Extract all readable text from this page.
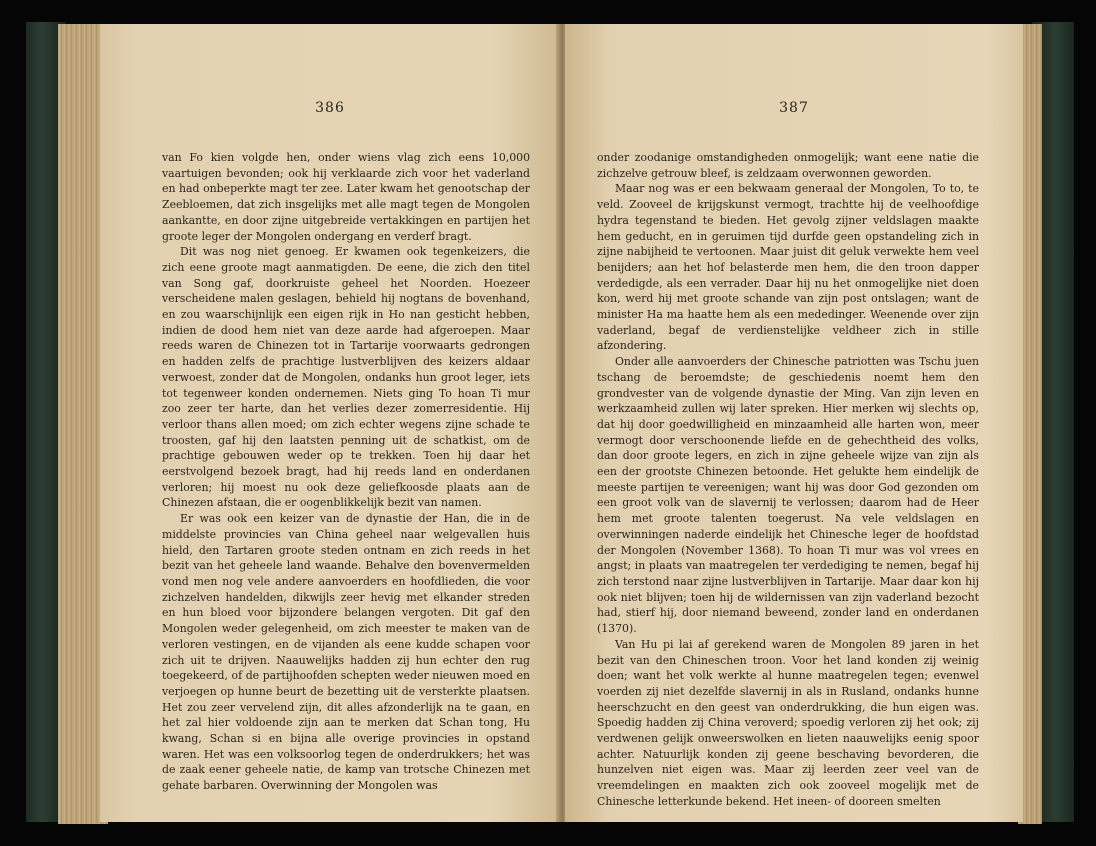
386

van Fo kien volgde hen, onder wiens vlag zich eens 10,000 vaartuigen bevonden; ook hij verklaarde zich voor het vaderland en had onbeperkte magt ter zee. Later kwam het genootschap der Zeebloemen, dat zich insgelijks met alle magt tegen de Mongolen aankantte, en door zijne uitgebreide vertakkingen en partijen het groote leger der Mongolen ondergang en verderf bragt.

Dit was nog niet genoeg. Er kwamen ook tegenkeizers, die zich eene groote magt aanmatigden. De eene, die zich den titel van Song gaf, doorkruiste geheel het Noorden. Hoezeer verscheidene malen geslagen, behield hij nogtans de bovenhand, en zou waarschijnlijk een eigen rijk in Ho nan gesticht hebben, indien de dood hem niet van deze aarde had afgeroepen. Maar reeds waren de Chinezen tot in Tartarije voorwaarts gedrongen en hadden zelfs de prachtige lustverblijven des keizers aldaar verwoest, zonder dat de Mongolen, ondanks hun groot leger, iets tot tegenweer konden ondernemen. Niets ging To hoan Ti mur zoo zeer ter harte, dan het verlies dezer zomerresidentie. Hij verloor thans allen moed; om zich echter wegens zijne schade te troosten, gaf hij den laatsten penning uit de schatkist, om de prachtige gebouwen weder op te trekken. Toen hij daar het eerstvolgend bezoek bragt, had hij reeds land en onderdanen verloren; hij moest nu ook deze geliefkoosde plaats aan de Chinezen afstaan, die er oogenblikkelijk bezit van namen.

Er was ook een keizer van de dynastie der Han, die in de middelste provincies van China geheel naar welgevallen huis hield, den Tartaren groote steden ontnam en zich reeds in het bezit van het geheele land waande. Behalve den bovenvermelden vond men nog vele andere aanvoerders en hoofdlieden, die voor zichzelven handelden, dikwijls zeer hevig met elkander streden en hun bloed voor bijzondere belangen vergoten. Dit gaf den Mongolen weder gelegenheid, om zich meester te maken van de verloren vestingen, en de vijanden als eene kudde schapen voor zich uit te drijven. Naauwelijks hadden zij hun echter den rug toegekeerd, of de partijhoofden schepten weder nieuwen moed en verjoegen op hunne beurt de bezetting uit de versterkte plaatsen. Het zou zeer vervelend zijn, dit alles afzonderlijk na te gaan, en het zal hier voldoende zijn aan te merken dat Schan tong, Hu kwang, Schan si en bijna alle overige provincies in opstand waren. Het was een volksoorlog tegen de onderdrukkers; het was de zaak eener geheele natie, de kamp van trotsche Chinezen met gehate barbaren. Overwinning der Mongolen was

387

onder zoodanige omstandigheden onmogelijk; want eene natie die zichzelve getrouw bleef, is zeldzaam overwonnen geworden.

Maar nog was er een bekwaam generaal der Mongolen, To to, te veld. Zooveel de krijgskunst vermogt, trachtte hij de veelhoofdige hydra tegenstand te bieden. Het gevolg zijner veldslagen maakte hem geducht, en in geruimen tijd durfde geen opstandeling zich in zijne nabijheid te vertoonen. Maar juist dit geluk verwekte hem veel benijders; aan het hof belasterde men hem, die den troon dapper verdedigde, als een verrader. Daar hij nu het onmogelijke niet doen kon, werd hij met groote schande van zijn post ontslagen; want de minister Ha ma haatte hem als een mededinger. Weenende over zijn vaderland, begaf de verdienstelijke veldheer zich in stille afzondering.

Onder alle aanvoerders der Chinesche patriotten was Tschu juen tschang de beroemdste; de geschiedenis noemt hem den grondvester van de volgende dynastie der Ming. Van zijn leven en werkzaamheid zullen wij later spreken. Hier merken wij slechts op, dat hij door goedwilligheid en minzaamheid alle harten won, meer vermogt door verschoonende liefde en de gehechtheid des volks, dan door groote legers, en zich in zijne geheele wijze van zijn als een der grootste Chinezen betoonde. Het gelukte hem eindelijk de meeste partijen te vereenigen; want hij was door God gezonden om een groot volk van de slavernij te verlossen; daarom had de Heer hem met groote talenten toegerust. Na vele veldslagen en overwinningen naderde eindelijk het Chinesche leger de hoofdstad der Mongolen (November 1368). To hoan Ti mur was vol vrees en angst; in plaats van maatregelen ter verdediging te nemen, begaf hij zich terstond naar zijne lustverblijven in Tartarije. Maar daar kon hij ook niet blijven; toen hij de wildernissen van zijn vaderland bezocht had, stierf hij, door niemand beweend, zonder land en onderdanen (1370).

Van Hu pi lai af gerekend waren de Mongolen 89 jaren in het bezit van den Chineschen troon. Voor het land konden zij weinig doen; want het volk werkte al hunne maatregelen tegen; evenwel voerden zij niet dezelfde slavernij in als in Rusland, ondanks hunne heerschzucht en den geest van onderdrukking, die hun eigen was. Spoedig hadden zij China veroverd; spoedig verloren zij het ook; zij verdwenen gelijk onweerswolken en lieten naauwelijks eenig spoor achter. Natuurlijk konden zij geene beschaving bevorderen, die hunzelven niet eigen was. Maar zij leerden zeer veel van de vreemdelingen en maakten zich ook zooveel mogelijk met de Chinesche letterkunde bekend. Het ineen- of dooreen smelten
